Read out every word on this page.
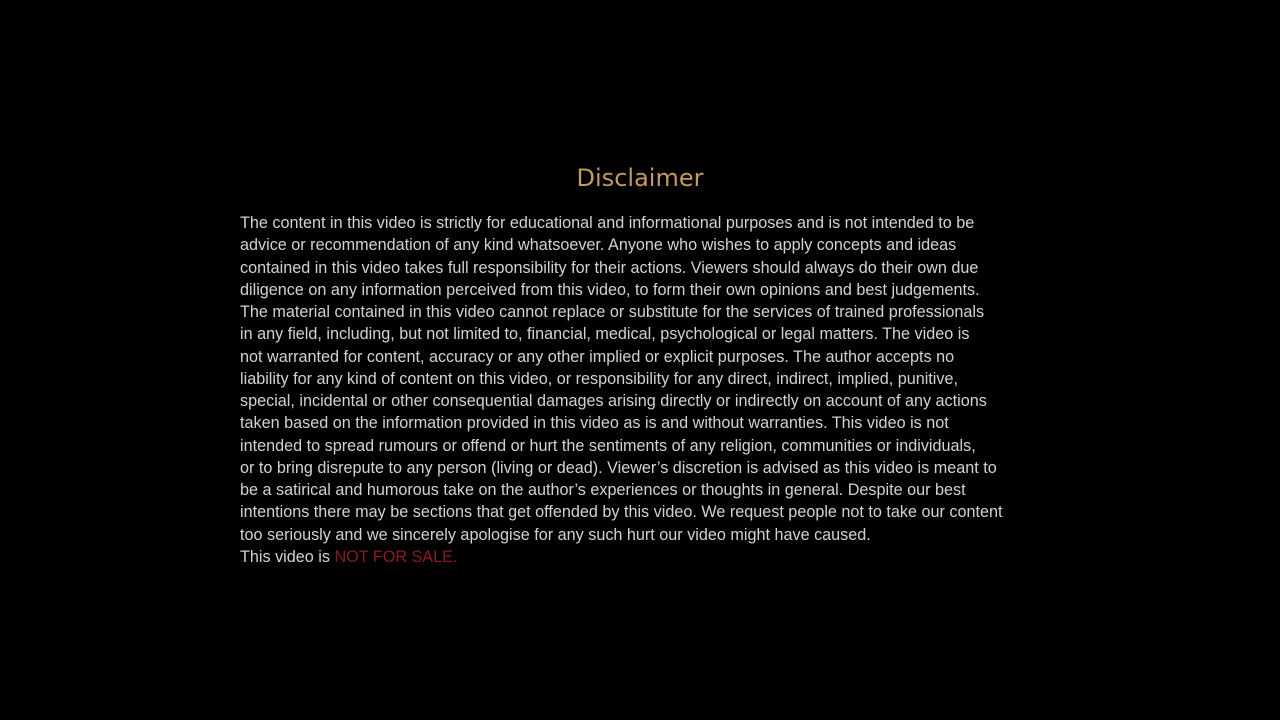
Disclaimer
The content in this video is strictly for educational and informational purposes and is not intended to be
advice or recommendation of any kind whatsoever. Anyone who wishes to apply concepts and ideas
contained in this video takes full responsibility for their actions. Viewers should always do their own due
diligence on any information perceived from this video, to form their own opinions and best judgements.
The material contained in this video cannot replace or substitute for the services of trained professionals
in any field, including, but not limited to, financial, medical, psychological or legal matters. The video is
not warranted for content, accuracy or any other implied or explicit purposes. The author accepts no
liability for any kind of content on this video, or responsibility for any direct, indirect, implied, punitive,
special, incidental or other consequential damages arising directly or indirectly on account of any actions
taken based on the information provided in this video as is and without warranties. This video is not
intended to spread rumours or offend or hurt the sentiments of any religion, communities or individuals,
or to bring disrepute to any person (living or dead). Viewer’s discretion is advised as this video is meant to
be a satirical and humorous take on the author’s experiences or thoughts in general. Despite our best
intentions there may be sections that get offended by this video. We request people not to take our content
too seriously and we sincerely apologise for any such hurt our video might have caused.
This video is NOT FOR SALE.
